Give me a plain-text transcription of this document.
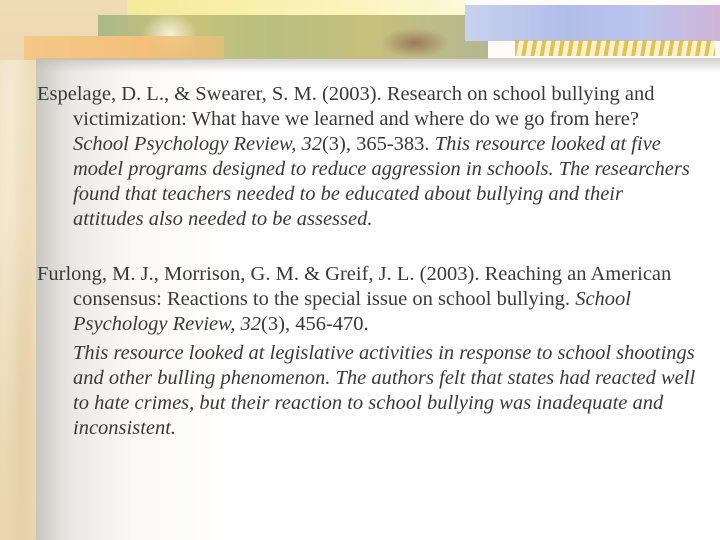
Espelage, D. L., & Swearer, S. M. (2003). Research on school bullying and victimization: What have we learned and where do we go from here? School Psychology Review, 32(3), 365-383. This resource looked at five model programs designed to reduce aggression in schools. The researchers found that teachers needed to be educated about bullying and their attitudes also needed to be assessed.

Furlong, M. J., Morrison, G. M. & Greif, J. L. (2003). Reaching an American consensus: Reactions to the special issue on school bullying. School Psychology Review, 32(3), 456-470.
This resource looked at legislative activities in response to school shootings and other bulling phenomenon. The authors felt that states had reacted well to hate crimes, but their reaction to school bullying was inadequate and inconsistent.
